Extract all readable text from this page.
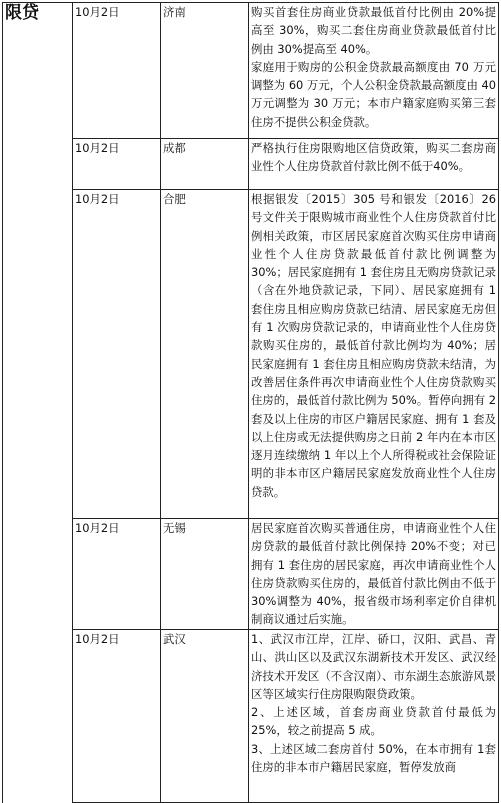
限贷	10月2日	济南	购买首套住房商业贷款最低首付比例由 20%提高至 30%，购买二套住房商业贷款最低首付比例由 30%提高至 40%。

家庭用于购房的公积金贷款最高额度由 70 万元调整为 60 万元，个人公积金贷款最高额度由 40 万元调整为 30 万元；本市户籍家庭购买第三套住房不提供公积金贷款。

	10月2日	成都	严格执行住房限购地区信贷政策，购买二套房商业性个人住房贷款首付款比例不低于40%。

	10月2日	合肥	根据银发〔2015〕305 号和银发〔2016〕26号文件关于限购城市商业性个人住房贷款首付比例相关政策，市区居民家庭首次购买住房申请商业性个人住房贷款最低首付款比例调整为 30%；居民家庭拥有 1 套住房且无购房贷款记录（含在外地贷款记录，下同）、居民家庭拥有 1 套住房且相应购房贷款已结清、居民家庭无房但有 1 次购房贷款记录的，申请商业性个人住房贷款购买住房的，最低首付款比例均为 40%；居民家庭拥有 1 套住房且相应购房贷款未结清，为改善居住条件再次申请商业性个人住房贷款购买住房的，最低首付款比例为 50%。暂停向拥有 2 套及以上住房的市区户籍居民家庭、拥有 1 套及以上住房或无法提供购房之日前 2 年内在本市区逐月连续缴纳 1 年以上个人所得税或社会保险证明的非本市区户籍居民家庭发放商业性个人住房贷款。

	10月2日	无锡	居民家庭首次购买普通住房，申请商业性个人住房贷款的最低首付款比例保持 20%不变；对已拥有 1 套住房的居民家庭，再次申请商业性个人住房贷款购买住房的，最低首付款比例由不低于 30%调整为 40%，报省级市场利率定价自律机制商议通过后实施。

	10月2日	武汉	1、武汉市江岸，江岸、硚口，汉阳、武昌、青山、洪山区以及武汉东湖新技术开发区、武汉经济技术开发区（不含汉南）、市东湖生态旅游风景区等区域实行住房限购限贷政策。

2、上述区域，首套房商业贷款首付最低为25%，较之前提高 5 成。

3、上述区域二套房首付 50%，在本市拥有 1套住房的非本市户籍居民家庭，暂停发放商
